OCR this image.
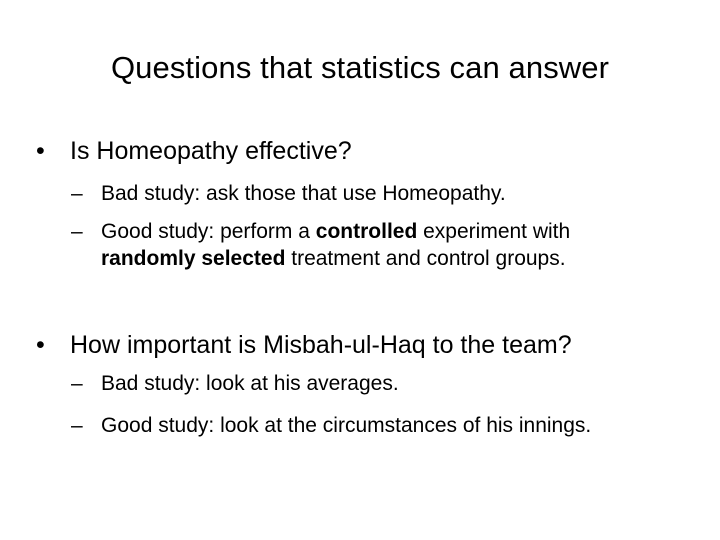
Questions that statistics can answer
• Is Homeopathy effective?
– Bad study: ask those that use Homeopathy.
– Good study: perform a controlled experiment with randomly selected treatment and control groups.
• How important is Misbah-ul-Haq to the team?
– Bad study: look at his averages.
– Good study: look at the circumstances of his innings.
